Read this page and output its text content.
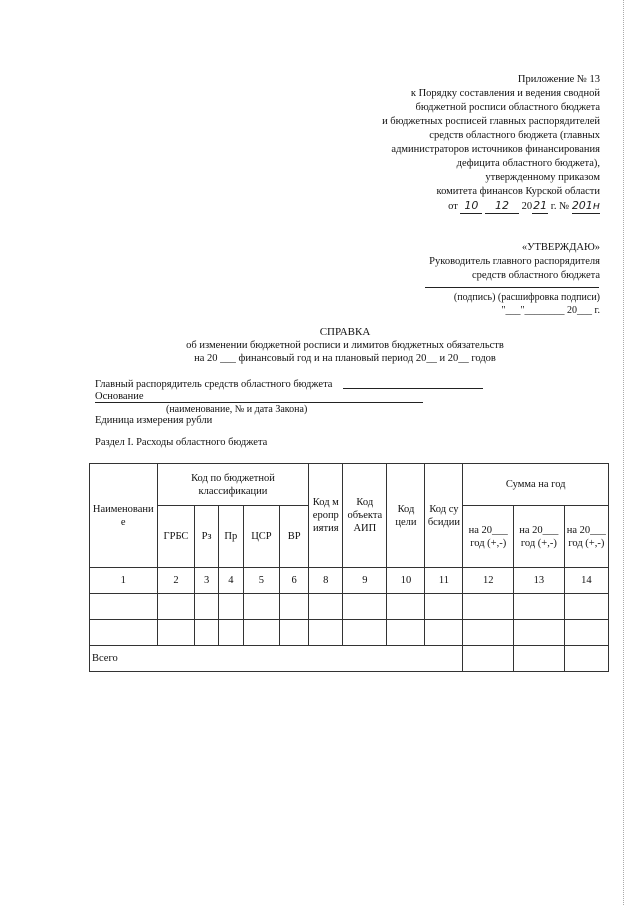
Приложение № 13
к Порядку составления и ведения сводной
бюджетной росписи областного бюджета
и бюджетных росписей главных распорядителей
средств областного бюджета (главных
администраторов источников финансирования
дефицита областного бюджета),
утвержденному приказом
комитета финансов Курской области
от 10 12 2021 г. № 201н
«УТВЕРЖДАЮ»
Руководитель главного распорядителя
средств областного бюджета
(подпись) (расшифровка подписи)
"___"________ 20___ г.
СПРАВКА
об изменении бюджетной росписи и лимитов бюджетных обязательств
на 20 ___ финансовый год и на плановый период 20__ и 20__ годов
Главный распорядитель средств областного бюджета
Основание
(наименование, № и дата Закона)
Единица измерения рубли
Раздел I. Расходы областного бюджета
Наименование	Код по бюджетной классификации					Код мероприятия	Код объекта АИП	Код цели	Код субсидии	Сумма на год		
	ГРБС	Рз	Пр	ЦСР	ВР					на 20___ год (+,-)	на 20___ год (+,-)	на 20___ год (+,-)
1	2	3	4	5	6	8	9	10	11	12	13	14

Всего												
